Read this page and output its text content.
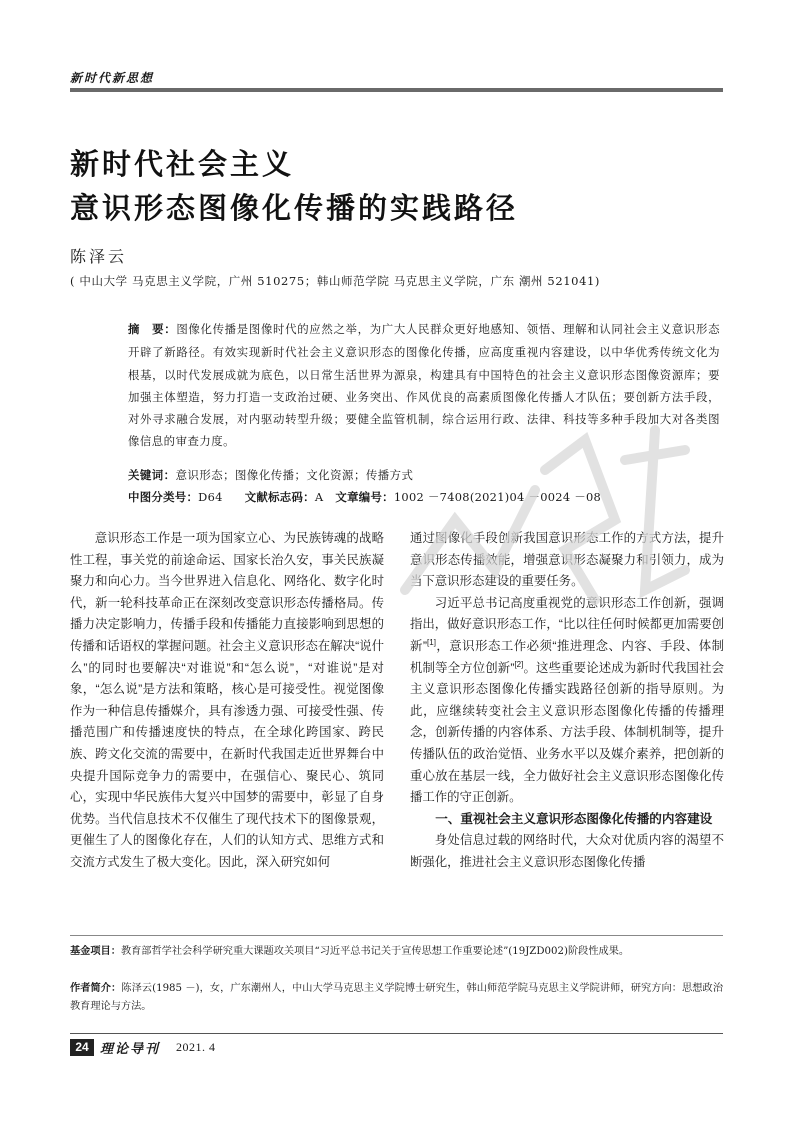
新时代新思想
新时代社会主义
意识形态图像化传播的实践路径
陈泽云
( 中山大学 马克思主义学院，广州 510275；韩山师范学院 马克思主义学院，广东 潮州 521041)
摘　要：图像化传播是图像时代的应然之举，为广大人民群众更好地感知、领悟、理解和认同社会主义意识形态开辟了新路径。有效实现新时代社会主义意识形态的图像化传播，应高度重视内容建设，以中华优秀传统文化为根基，以时代发展成就为底色，以日常生活世界为源泉，构建具有中国特色的社会主义意识形态图像资源库；要加强主体塑造，努力打造一支政治过硬、业务突出、作风优良的高素质图像化传播人才队伍；要创新方法手段，对外寻求融合发展，对内驱动转型升级；要健全监管机制，综合运用行政、法律、科技等多种手段加大对各类图像信息的审查力度。
关键词：意识形态；图像化传播；文化资源；传播方式
中图分类号：D64 文献标志码：A 文章编号：1002 －7408(2021)04 －0024 －08

意识形态工作是一项为国家立心、为民族铸魂的战略性工程，事关党的前途命运、国家长治久安，事关民族凝聚力和向心力。当今世界进入信息化、网络化、数字化时代，新一轮科技革命正在深刻改变意识形态传播格局。传播力决定影响力，传播手段和传播能力直接影响到思想的传播和话语权的掌握问题。社会主义意识形态在解决“说什么”的同时也要解决“对谁说”和“怎么说”，“对谁说”是对象，“怎么说”是方法和策略，核心是可接受性。视觉图像作为一种信息传播媒介，具有渗透力强、可接受性强、传播范围广和传播速度快的特点，在全球化跨国家、跨民族、跨文化交流的需要中，在新时代我国走近世界舞台中央提升国际竞争力的需要中，在强信心、聚民心、筑同心，实现中华民族伟大复兴中国梦的需要中，彰显了自身优势。当代信息技术不仅催生了现代技术下的图像景观，更催生了人的图像化存在，人们的认知方式、思维方式和交流方式发生了极大变化。因此，深入研究如何

通过图像化手段创新我国意识形态工作的方式方法，提升意识形态传播效能，增强意识形态凝聚力和引领力，成为当下意识形态建设的重要任务。

习近平总书记高度重视党的意识形态工作创新，强调指出，做好意识形态工作，“比以往任何时候都更加需要创新”[1]，意识形态工作必须“推进理念、内容、手段、体制机制等全方位创新”[2]。这些重要论述成为新时代我国社会主义意识形态图像化传播实践路径创新的指导原则。为此，应继续转变社会主义意识形态图像化传播的传播理念，创新传播的内容体系、方法手段、体制机制等，提升传播队伍的政治觉悟、业务水平以及媒介素养，把创新的重心放在基层一线，全力做好社会主义意识形态图像化传播工作的守正创新。

一、重视社会主义意识形态图像化传播的内容建设

身处信息过载的网络时代，大众对优质内容的渴望不断强化，推进社会主义意识形态图像化传播

基金项目：教育部哲学社会科学研究重大课题攻关项目“习近平总书记关于宣传思想工作重要论述”(19JZD002)阶段性成果。
作者简介：陈泽云(1985 －)，女，广东潮州人，中山大学马克思主义学院博士研究生，韩山师范学院马克思主义学院讲师，研究方向：思想政治教育理论与方法。
24 理论导刊 2021. 4
